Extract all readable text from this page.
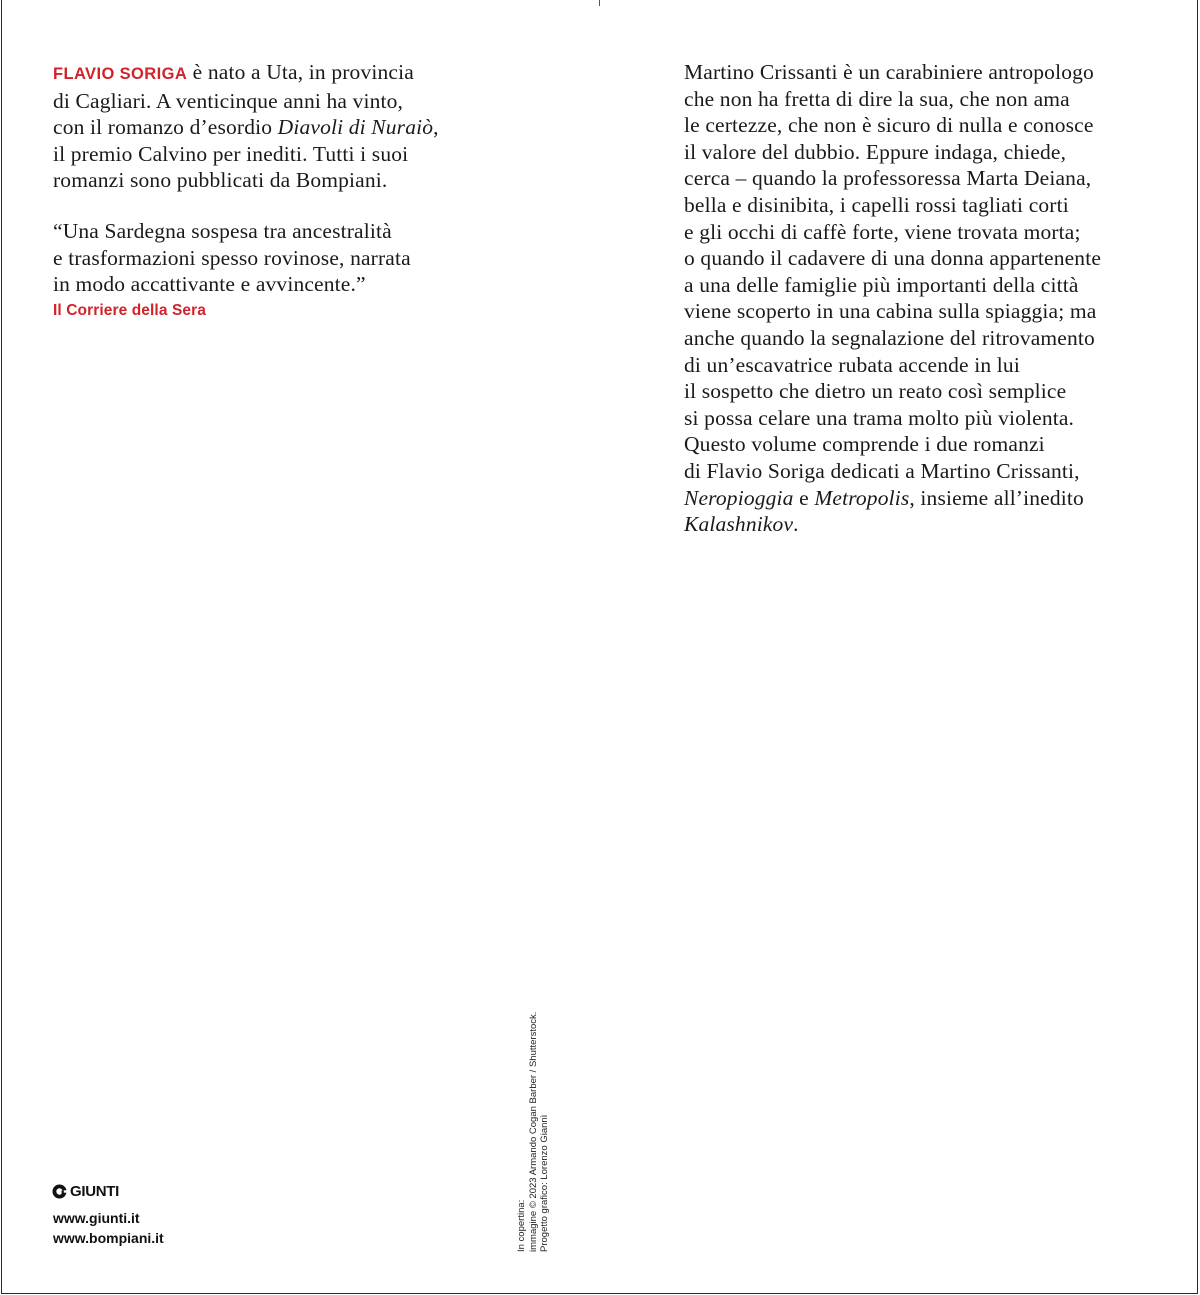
FLAVIO SORIGA è nato a Uta, in provincia
di Cagliari. A venticinque anni ha vinto,
con il romanzo d’esordio Diavoli di Nuraiò,
il premio Calvino per inediti. Tutti i suoi
romanzi sono pubblicati da Bompiani.
“Una Sardegna sospesa tra ancestralità
e trasformazioni spesso rovinose, narrata
in modo accattivante e avvincente.”
Il Corriere della Sera
Martino Crissanti è un carabiniere antropologo
che non ha fretta di dire la sua, che non ama
le certezze, che non è sicuro di nulla e conosce
il valore del dubbio. Eppure indaga, chiede,
cerca – quando la professoressa Marta Deiana,
bella e disinibita, i capelli rossi tagliati corti
e gli occhi di caffè forte, viene trovata morta;
o quando il cadavere di una donna appartenente
a una delle famiglie più importanti della città
viene scoperto in una cabina sulla spiaggia; ma
anche quando la segnalazione del ritrovamento
di un’escavatrice rubata accende in lui
il sospetto che dietro un reato così semplice
si possa celare una trama molto più violenta.
Questo volume comprende i due romanzi
di Flavio Soriga dedicati a Martino Crissanti,
Neropioggia e Metropolis, insieme all’inedito
Kalashnikov.
In copertina: immagine © 2023 Armando Cogan Barber / Shutterstock. Progetto grafico: Lorenzo Giannì
GIUNTI
www.giunti.it
www.bompiani.it
